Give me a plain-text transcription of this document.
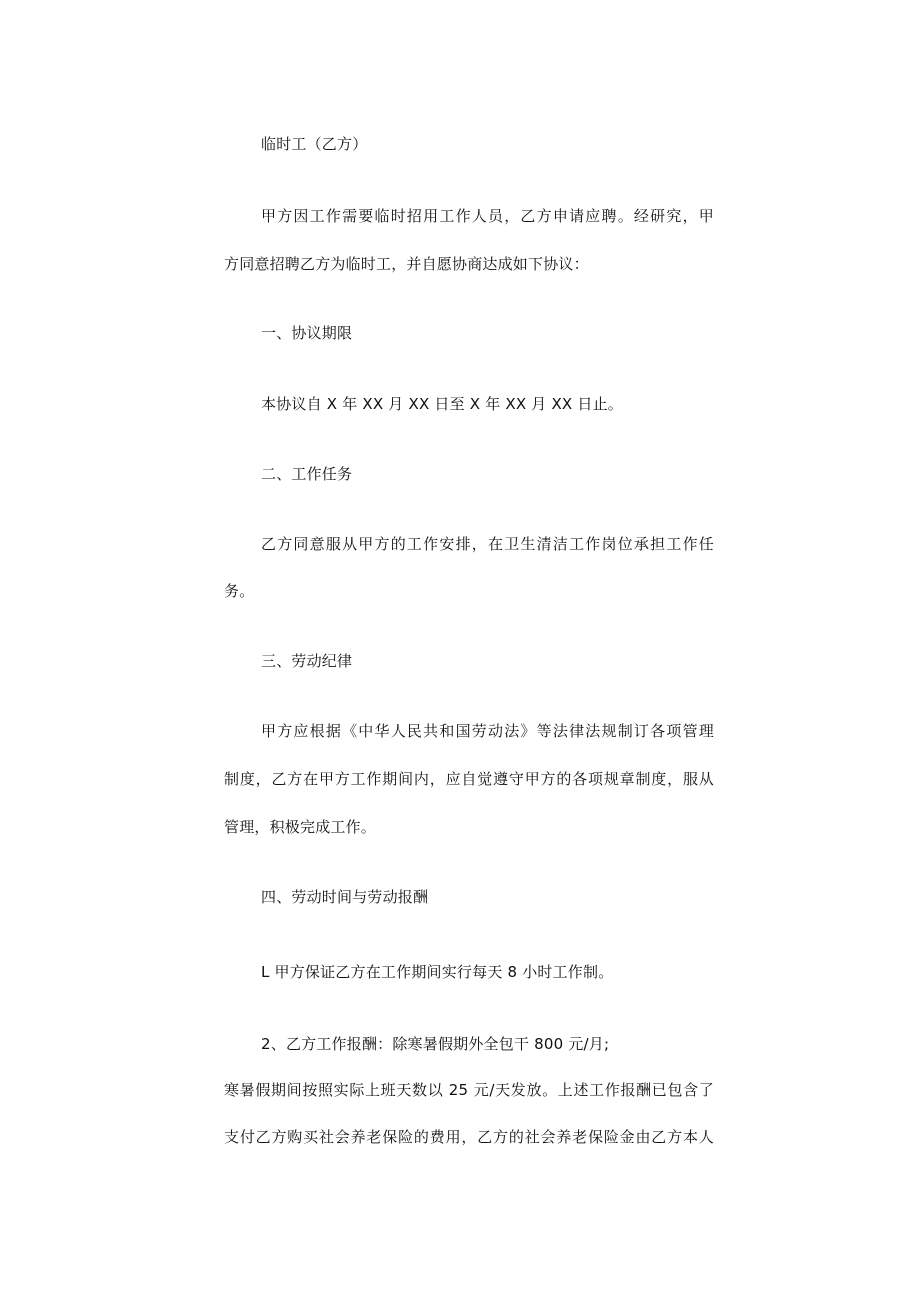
临时工（乙方）
甲方因工作需要临时招用工作人员，乙方申请应聘。经研究，甲
方同意招聘乙方为临时工，并自愿协商达成如下协议：
一、协议期限
本协议自 X 年 XX 月 XX 日至 X 年 XX 月 XX 日止。
二、工作任务
乙方同意服从甲方的工作安排，在卫生清洁工作岗位承担工作任
务。
三、劳动纪律
甲方应根据《中华人民共和国劳动法》等法律法规制订各项管理
制度，乙方在甲方工作期间内，应自觉遵守甲方的各项规章制度，服从
管理，积极完成工作。
四、劳动时间与劳动报酬
L 甲方保证乙方在工作期间实行每天 8 小时工作制。
2、乙方工作报酬：除寒暑假期外全包干 800 元/月;
寒暑假期间按照实际上班天数以 25 元/天发放。上述工作报酬已包含了
支付乙方购买社会养老保险的费用，乙方的社会养老保险金由乙方本人
